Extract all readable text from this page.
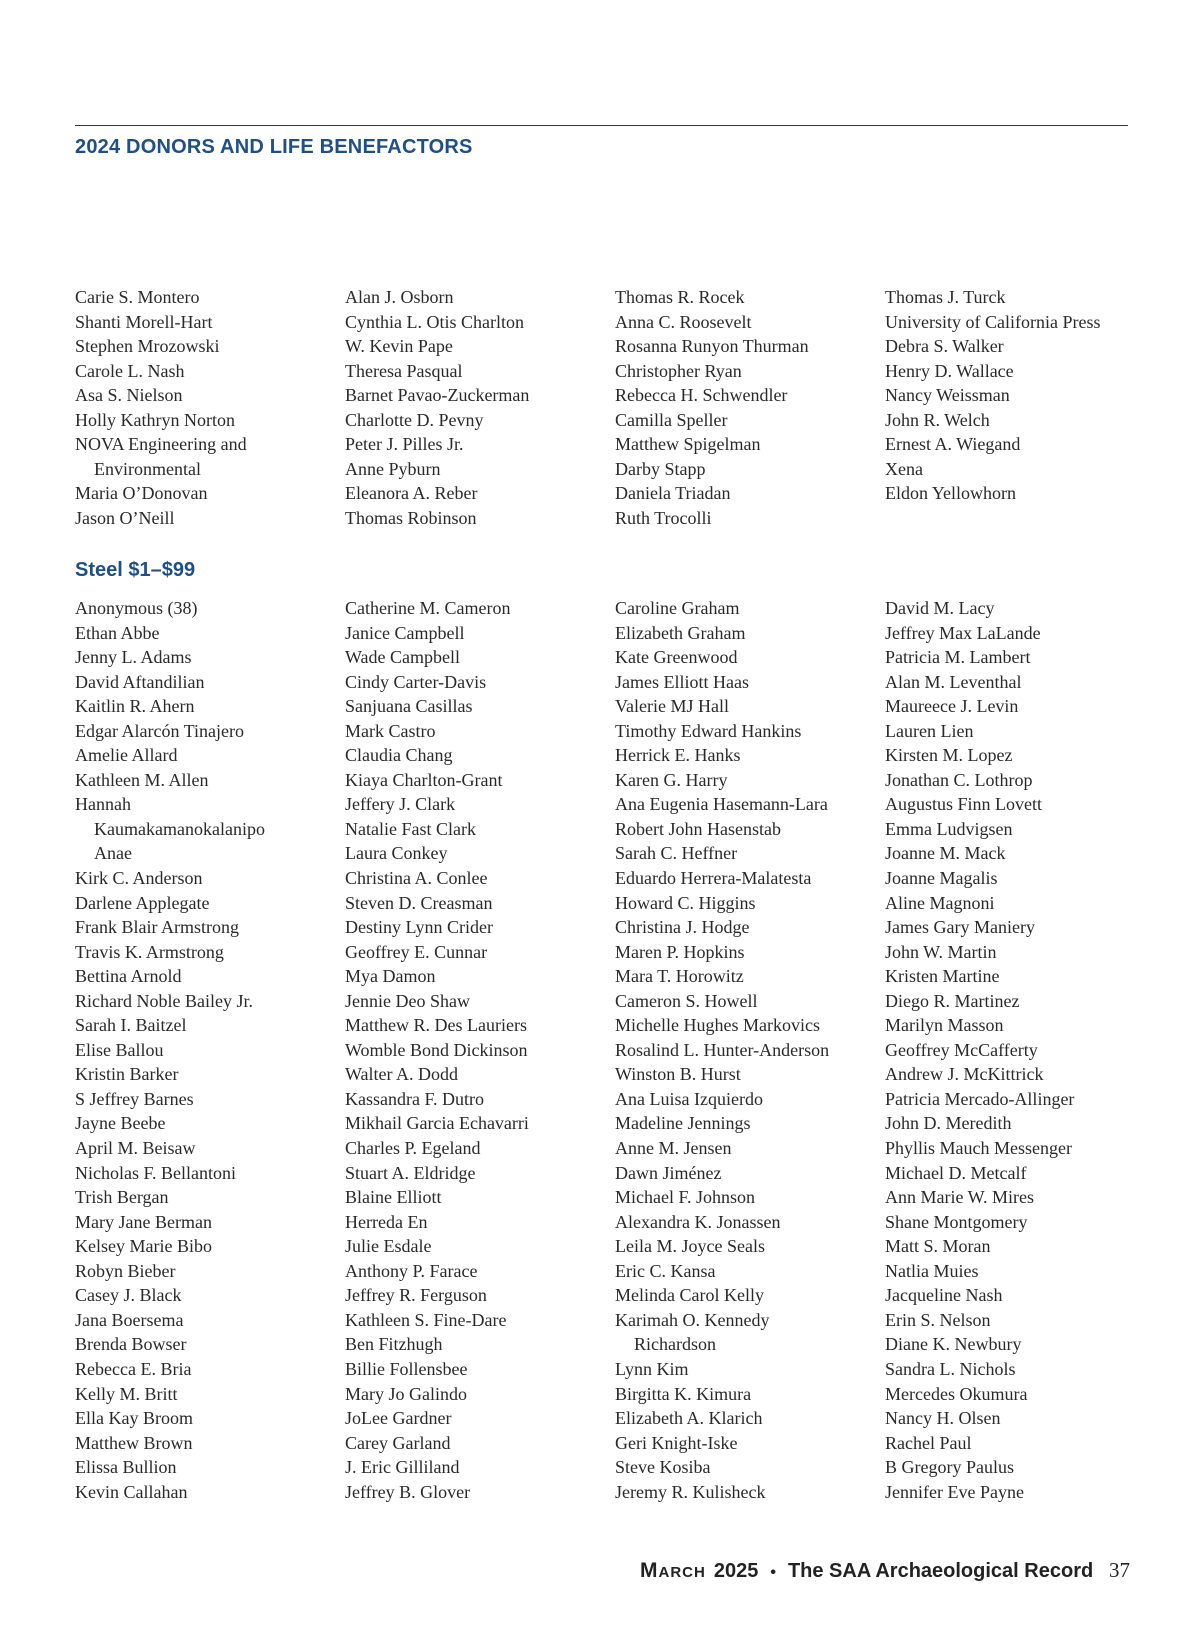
2024 DONORS AND LIFE BENEFACTORS
Carie S. Montero
Shanti Morell-Hart
Stephen Mrozowski
Carole L. Nash
Asa S. Nielson
Holly Kathryn Norton
NOVA Engineering and
Environmental
Maria O’Donovan
Jason O’Neill
Alan J. Osborn
Cynthia L. Otis Charlton
W. Kevin Pape
Theresa Pasqual
Barnet Pavao-Zuckerman
Charlotte D. Pevny
Peter J. Pilles Jr.
Anne Pyburn
Eleanora A. Reber
Thomas Robinson
Thomas R. Rocek
Anna C. Roosevelt
Rosanna Runyon Thurman
Christopher Ryan
Rebecca H. Schwendler
Camilla Speller
Matthew Spigelman
Darby Stapp
Daniela Triadan
Ruth Trocolli
Thomas J. Turck
University of California Press
Debra S. Walker
Henry D. Wallace
Nancy Weissman
John R. Welch
Ernest A. Wiegand
Xena
Eldon Yellowhorn
Steel $1–$99
Anonymous (38)
Ethan Abbe
Jenny L. Adams
David Aftandilian
Kaitlin R. Ahern
Edgar Alarcón Tinajero
Amelie Allard
Kathleen M. Allen
Hannah
Kaumakamanokalanipo
Anae
Kirk C. Anderson
Darlene Applegate
Frank Blair Armstrong
Travis K. Armstrong
Bettina Arnold
Richard Noble Bailey Jr.
Sarah I. Baitzel
Elise Ballou
Kristin Barker
S Jeffrey Barnes
Jayne Beebe
April M. Beisaw
Nicholas F. Bellantoni
Trish Bergan
Mary Jane Berman
Kelsey Marie Bibo
Robyn Bieber
Casey J. Black
Jana Boersema
Brenda Bowser
Rebecca E. Bria
Kelly M. Britt
Ella Kay Broom
Matthew Brown
Elissa Bullion
Kevin Callahan
Catherine M. Cameron
Janice Campbell
Wade Campbell
Cindy Carter-Davis
Sanjuana Casillas
Mark Castro
Claudia Chang
Kiaya Charlton-Grant
Jeffery J. Clark
Natalie Fast Clark
Laura Conkey
Christina A. Conlee
Steven D. Creasman
Destiny Lynn Crider
Geoffrey E. Cunnar
Mya Damon
Jennie Deo Shaw
Matthew R. Des Lauriers
Womble Bond Dickinson
Walter A. Dodd
Kassandra F. Dutro
Mikhail Garcia Echavarri
Charles P. Egeland
Stuart A. Eldridge
Blaine Elliott
Herreda En
Julie Esdale
Anthony P. Farace
Jeffrey R. Ferguson
Kathleen S. Fine-Dare
Ben Fitzhugh
Billie Follensbee
Mary Jo Galindo
JoLee Gardner
Carey Garland
J. Eric Gilliland
Jeffrey B. Glover
Caroline Graham
Elizabeth Graham
Kate Greenwood
James Elliott Haas
Valerie MJ Hall
Timothy Edward Hankins
Herrick E. Hanks
Karen G. Harry
Ana Eugenia Hasemann-Lara
Robert John Hasenstab
Sarah C. Heffner
Eduardo Herrera-Malatesta
Howard C. Higgins
Christina J. Hodge
Maren P. Hopkins
Mara T. Horowitz
Cameron S. Howell
Michelle Hughes Markovics
Rosalind L. Hunter-Anderson
Winston B. Hurst
Ana Luisa Izquierdo
Madeline Jennings
Anne M. Jensen
Dawn Jiménez
Michael F. Johnson
Alexandra K. Jonassen
Leila M. Joyce Seals
Eric C. Kansa
Melinda Carol Kelly
Karimah O. Kennedy
Richardson
Lynn Kim
Birgitta K. Kimura
Elizabeth A. Klarich
Geri Knight-Iske
Steve Kosiba
Jeremy R. Kulisheck
David M. Lacy
Jeffrey Max LaLande
Patricia M. Lambert
Alan M. Leventhal
Maureece J. Levin
Lauren Lien
Kirsten M. Lopez
Jonathan C. Lothrop
Augustus Finn Lovett
Emma Ludvigsen
Joanne M. Mack
Joanne Magalis
Aline Magnoni
James Gary Maniery
John W. Martin
Kristen Martine
Diego R. Martinez
Marilyn Masson
Geoffrey McCafferty
Andrew J. McKittrick
Patricia Mercado-Allinger
John D. Meredith
Phyllis Mauch Messenger
Michael D. Metcalf
Ann Marie W. Mires
Shane Montgomery
Matt S. Moran
Natlia Muies
Jacqueline Nash
Erin S. Nelson
Diane K. Newbury
Sandra L. Nichols
Mercedes Okumura
Nancy H. Olsen
Rachel Paul
B Gregory Paulus
Jennifer Eve Payne
March 2025 • The SAA Archaeological Record 37
